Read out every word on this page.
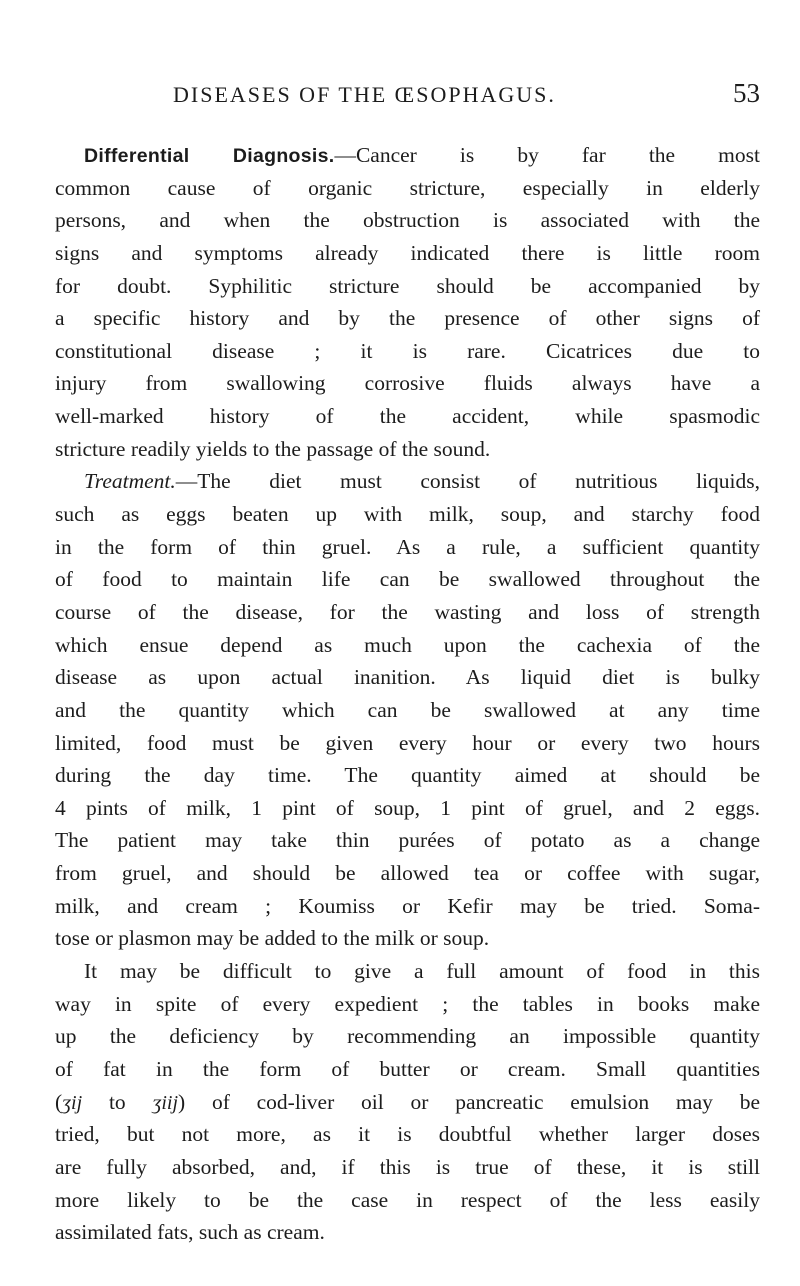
DISEASES OF THE ŒSOPHAGUS.	53
Differential Diagnosis.—Cancer is by far the most
common cause of organic stricture, especially in elderly
persons, and when the obstruction is associated with the
signs and symptoms already indicated there is little room
for doubt. Syphilitic stricture should be accompanied by
a specific history and by the presence of other signs of
constitutional disease ; it is rare. Cicatrices due to
injury from swallowing corrosive fluids always have a
well-marked history of the accident, while spasmodic
stricture readily yields to the passage of the sound.
Treatment.—The diet must consist of nutritious liquids,
such as eggs beaten up with milk, soup, and starchy food
in the form of thin gruel. As a rule, a sufficient quantity
of food to maintain life can be swallowed throughout the
course of the disease, for the wasting and loss of strength
which ensue depend as much upon the cachexia of the
disease as upon actual inanition. As liquid diet is bulky
and the quantity which can be swallowed at any time
limited, food must be given every hour or every two hours
during the day time. The quantity aimed at should be
4 pints of milk, 1 pint of soup, 1 pint of gruel, and 2 eggs.
The patient may take thin purées of potato as a change
from gruel, and should be allowed tea or coffee with sugar,
milk, and cream ; Koumiss or Kefir may be tried. Soma-
tose or plasmon may be added to the milk or soup.
It may be difficult to give a full amount of food in this
way in spite of every expedient ; the tables in books make
up the deficiency by recommending an impossible quantity
of fat in the form of butter or cream. Small quantities
(ʒij to ʒiij) of cod-liver oil or pancreatic emulsion may be
tried, but not more, as it is doubtful whether larger doses
are fully absorbed, and, if this is true of these, it is still
more likely to be the case in respect of the less easily
assimilated fats, such as cream.
